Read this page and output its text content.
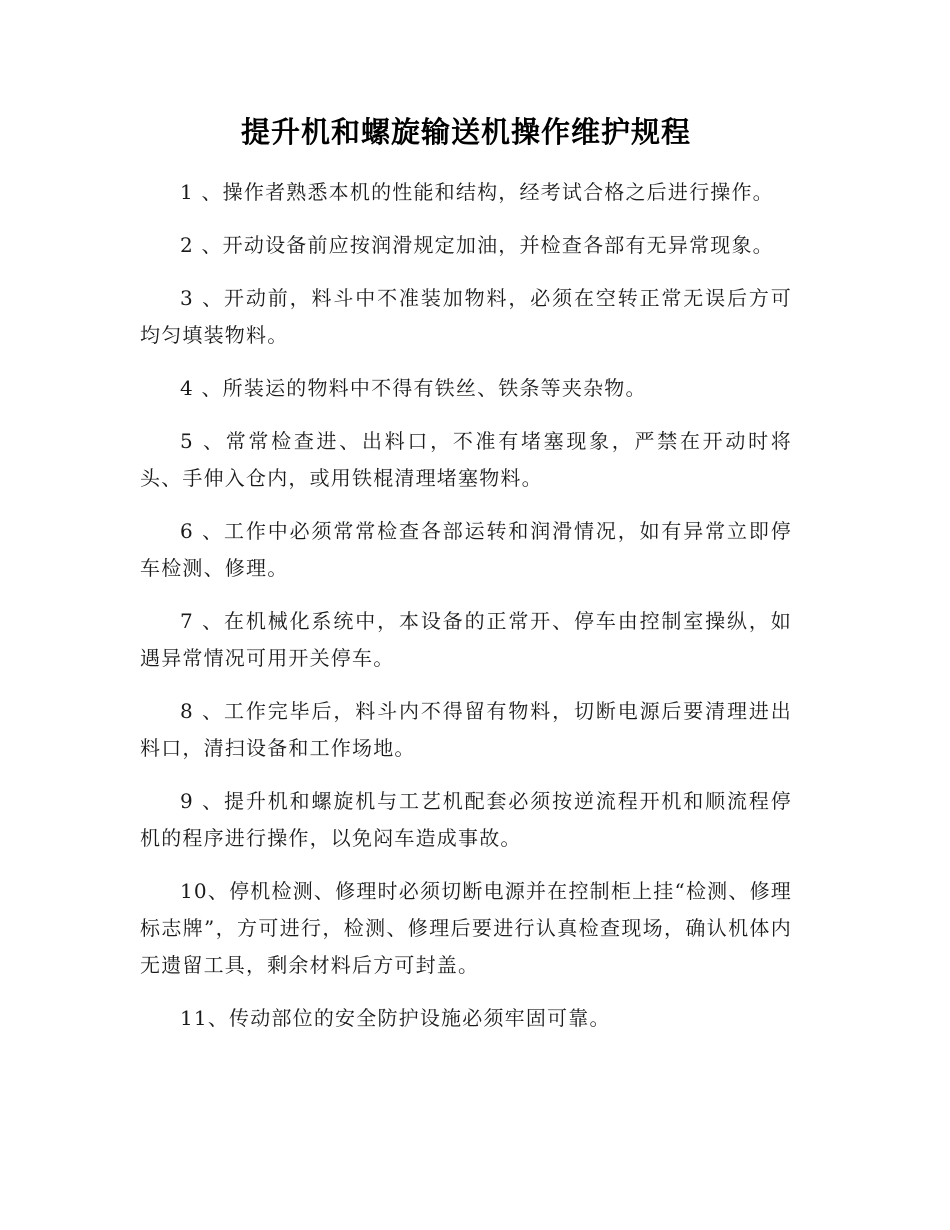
提升机和螺旋输送机操作维护规程
1 、操作者熟悉本机的性能和结构，经考试合格之后进行操作。
2 、开动设备前应按润滑规定加油，并检查各部有无异常现象。
3 、开动前，料斗中不准装加物料，必须在空转正常无误后方可均匀填装物料。
4 、所装运的物料中不得有铁丝、铁条等夹杂物。
5 、常常检查进、出料口，不准有堵塞现象，严禁在开动时将头、手伸入仓内，或用铁棍清理堵塞物料。
6 、工作中必须常常检查各部运转和润滑情况，如有异常立即停车检测、修理。
7 、在机械化系统中，本设备的正常开、停车由控制室操纵，如遇异常情况可用开关停车。
8 、工作完毕后，料斗内不得留有物料，切断电源后要清理进出料口，清扫设备和工作场地。
9 、提升机和螺旋机与工艺机配套必须按逆流程开机和顺流程停机的程序进行操作，以免闷车造成事故。
10、停机检测、修理时必须切断电源并在控制柜上挂“检测、修理标志牌”，方可进行，检测、修理后要进行认真检查现场，确认机体内无遗留工具，剩余材料后方可封盖。
11、传动部位的安全防护设施必须牢固可靠。
